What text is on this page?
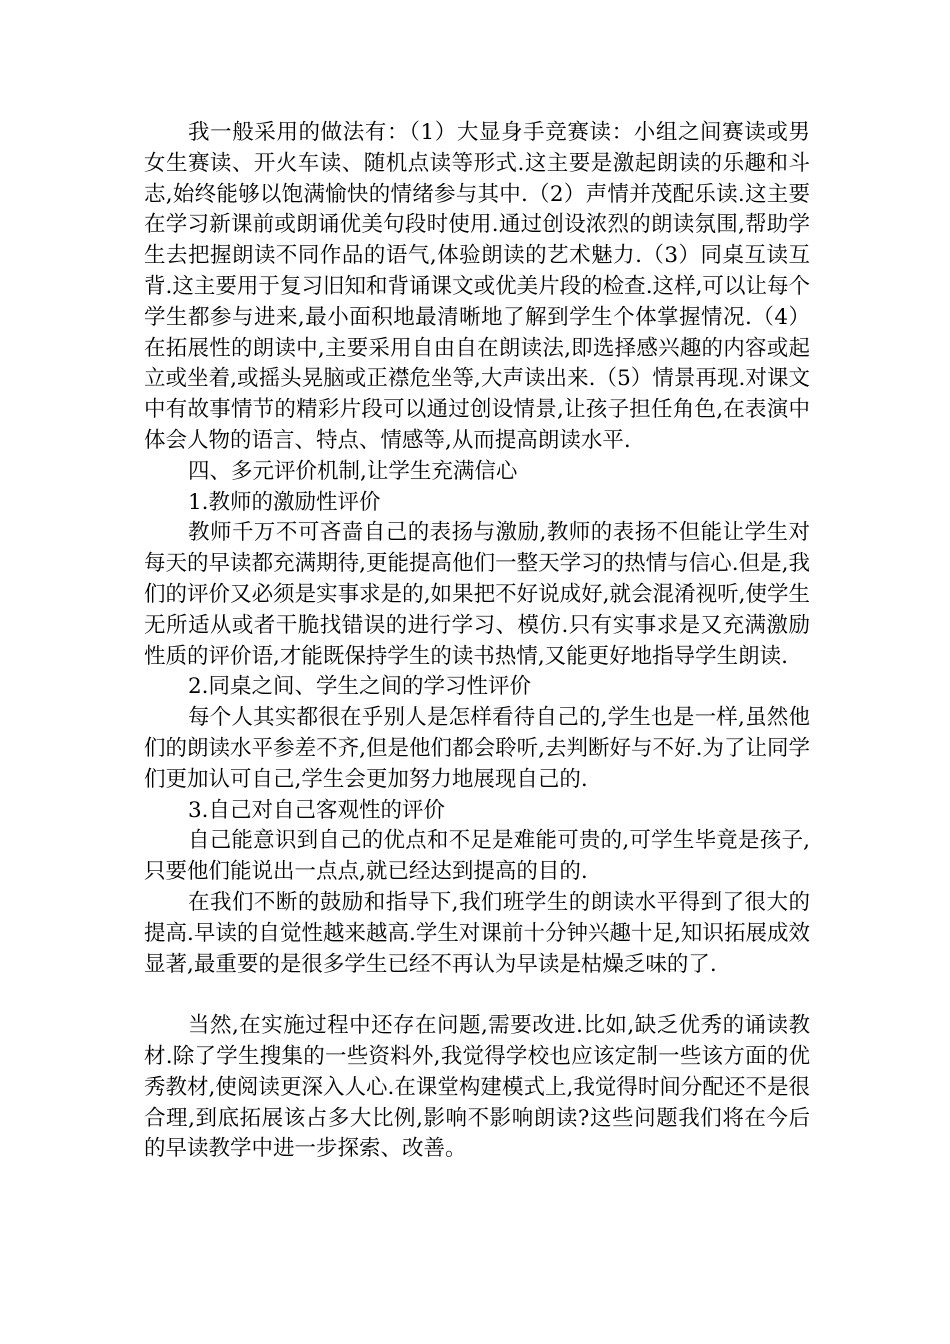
我一般采用的做法有：（1）大显身手竞赛读：小组之间赛读或男女生赛读、开火车读、随机点读等形式.这主要是激起朗读的乐趣和斗志,始终能够以饱满愉快的情绪参与其中.（2）声情并茂配乐读.这主要在学习新课前或朗诵优美句段时使用.通过创设浓烈的朗读氛围,帮助学生去把握朗读不同作品的语气,体验朗读的艺术魅力.（3）同桌互读互背.这主要用于复习旧知和背诵课文或优美片段的检查.这样,可以让每个学生都参与进来,最小面积地最清晰地了解到学生个体掌握情况.（4）在拓展性的朗读中,主要采用自由自在朗读法,即选择感兴趣的内容或起立或坐着,或摇头晃脑或正襟危坐等,大声读出来.（5）情景再现.对课文中有故事情节的精彩片段可以通过创设情景,让孩子担任角色,在表演中体会人物的语言、特点、情感等,从而提高朗读水平.

四、多元评价机制,让学生充满信心

1.教师的激励性评价

教师千万不可吝啬自己的表扬与激励,教师的表扬不但能让学生对每天的早读都充满期待,更能提高他们一整天学习的热情与信心.但是,我们的评价又必须是实事求是的,如果把不好说成好,就会混淆视听,使学生无所适从或者干脆找错误的进行学习、模仿.只有实事求是又充满激励性质的评价语,才能既保持学生的读书热情,又能更好地指导学生朗读.

2.同桌之间、学生之间的学习性评价

每个人其实都很在乎别人是怎样看待自己的,学生也是一样,虽然他们的朗读水平参差不齐,但是他们都会聆听,去判断好与不好.为了让同学们更加认可自己,学生会更加努力地展现自己的.

3.自己对自己客观性的评价

自己能意识到自己的优点和不足是难能可贵的,可学生毕竟是孩子,只要他们能说出一点点,就已经达到提高的目的.

在我们不断的鼓励和指导下,我们班学生的朗读水平得到了很大的提高.早读的自觉性越来越高.学生对课前十分钟兴趣十足,知识拓展成效显著,最重要的是很多学生已经不再认为早读是枯燥乏味的了.

当然,在实施过程中还存在问题,需要改进.比如,缺乏优秀的诵读教材.除了学生搜集的一些资料外,我觉得学校也应该定制一些该方面的优秀教材,使阅读更深入人心.在课堂构建模式上,我觉得时间分配还不是很合理,到底拓展该占多大比例,影响不影响朗读?这些问题我们将在今后的早读教学中进一步探索、改善。
